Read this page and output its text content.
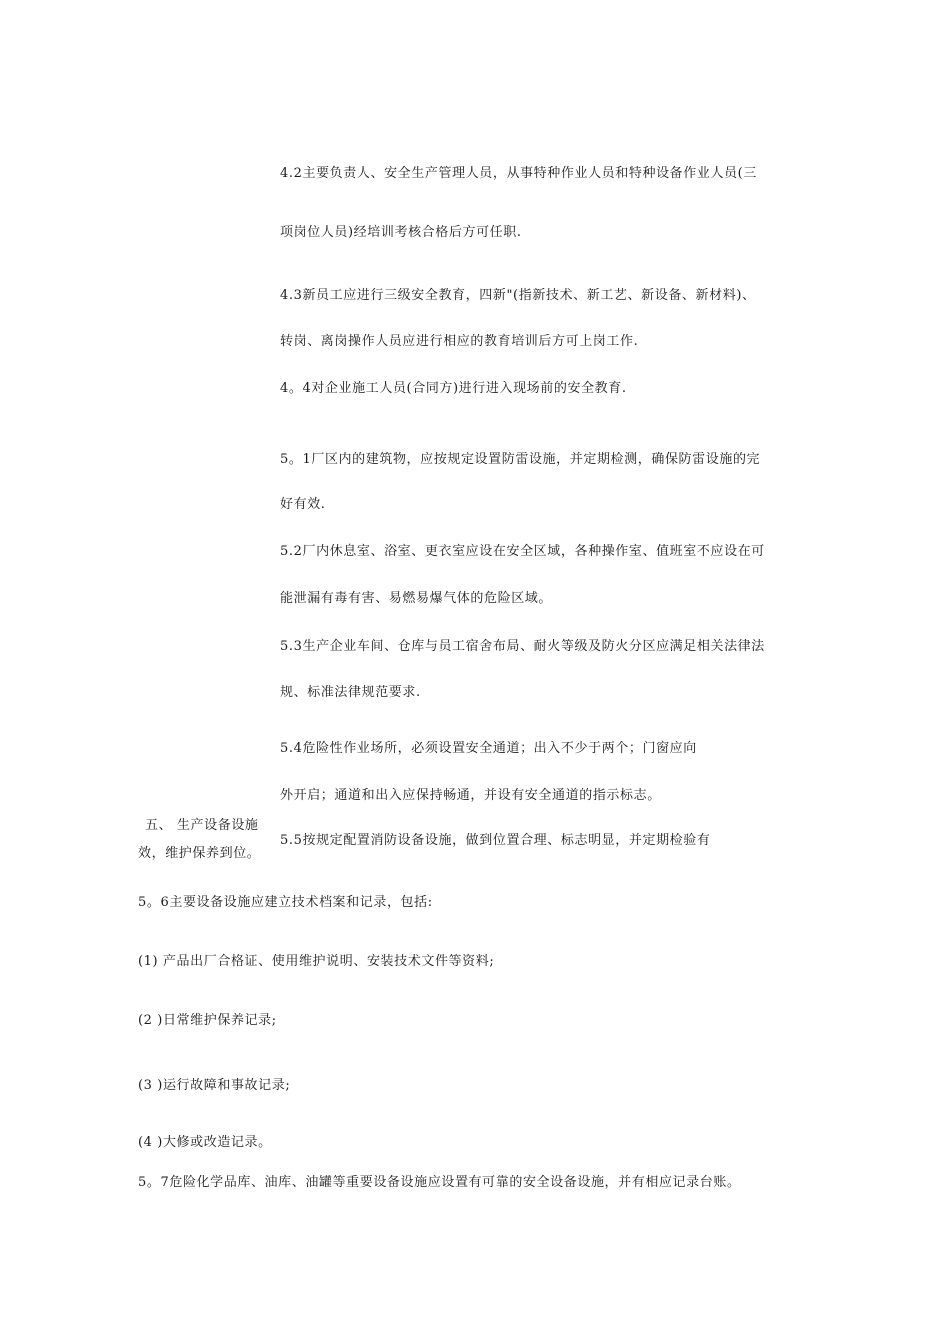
4.2主要负责人、安全生产管理人员，从事特种作业人员和特种设备作业人员(三
项岗位人员)经培训考核合格后方可任职.
4.3新员工应进行三级安全教育，四新"(指新技术、新工艺、新设备、新材料)、
转岗、离岗操作人员应进行相应的教育培训后方可上岗工作.
4。4对企业施工人员(合同方)进行进入现场前的安全教育.
5。1厂区内的建筑物，应按规定设置防雷设施，并定期检测，确保防雷设施的完
好有效.
5.2厂内休息室、浴室、更衣室应设在安全区域，各种操作室、值班室不应设在可
能泄漏有毒有害、易燃易爆气体的危险区域。
5.3生产企业车间、仓库与员工宿舍布局、耐火等级及防火分区应满足相关法律法
规、标准法律规范要求.
5.4危险性作业场所，必须设置安全通道；出入不少于两个；门窗应向
外开启；通道和出入应保持畅通，并设有安全通道的指示标志。
5.5按规定配置消防设备设施，做到位置合理、标志明显，并定期检验有
五、 生产设备设施
效，维护保养到位。
5。6主要设备设施应建立技术档案和记录，包括:
(1) 产品出厂合格证、使用维护说明、安装技术文件等资料;
(2 )日常维护保养记录;
(3 )运行故障和事故记录;
(4 )大修或改造记录。
5。7危险化学品库、油库、油罐等重要设备设施应设置有可靠的安全设备设施，并有相应记录台账。
